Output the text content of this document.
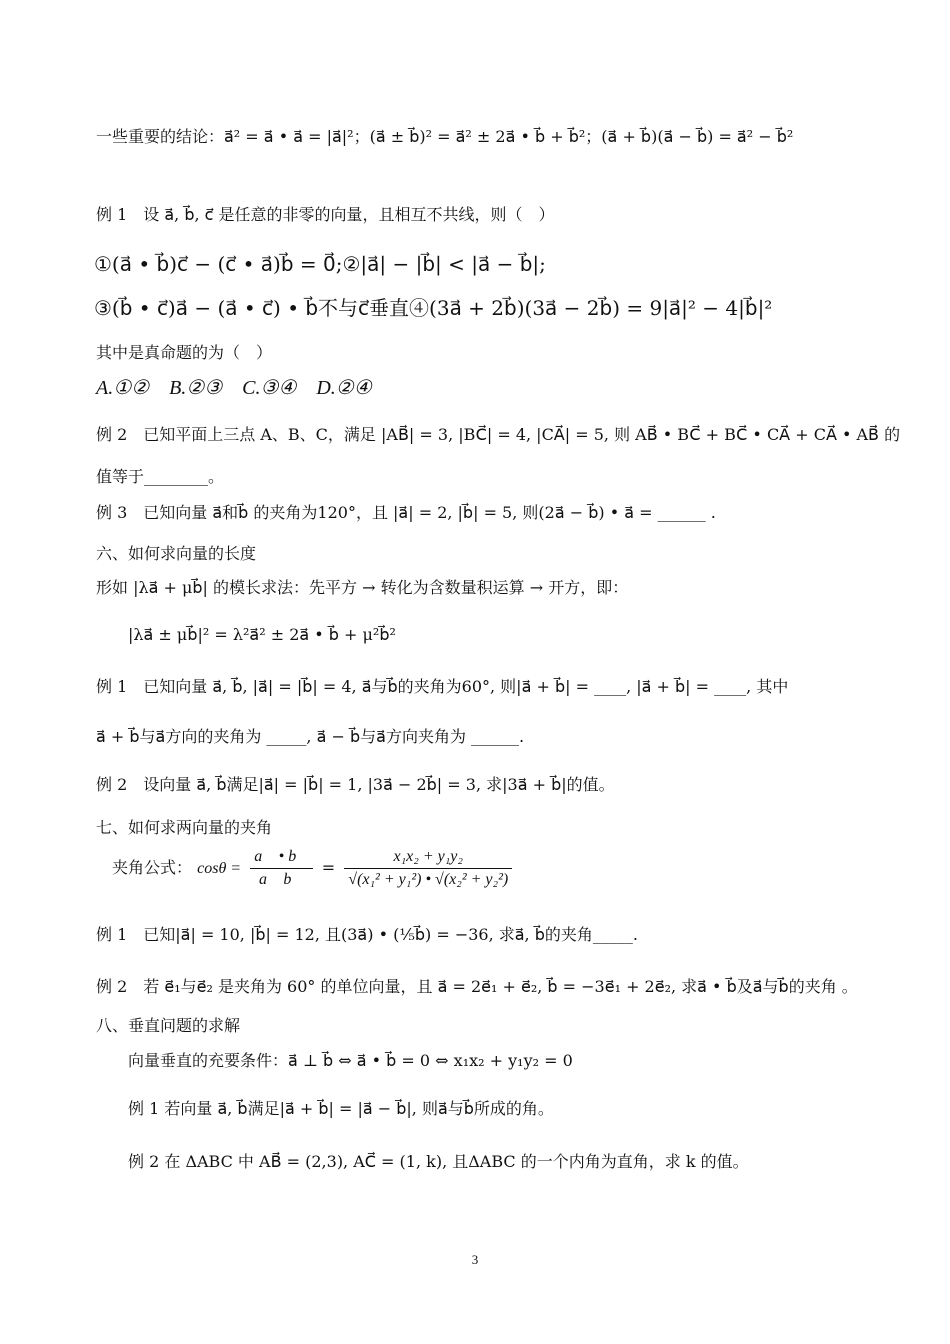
一些重要的结论：a⃗² = a⃗ • a⃗ = |a⃗|²；(a⃗ ± b⃗)² = a⃗² ± 2a⃗ • b⃗ + b⃗²；(a⃗ + b⃗)(a⃗ − b⃗) = a⃗² − b⃗²
例 1　设 a⃗, b⃗, c⃗ 是任意的非零的向量，且相互不共线，则（　）
①(a⃗ • b⃗)c⃗ − (c⃗ • a⃗)b⃗ = 0⃗;②|a⃗| − |b⃗| < |a⃗ − b⃗|;
③(b⃗ • c⃗)a⃗ − (a⃗ • c⃗) • b⃗不与c⃗垂直④(3a⃗ + 2b⃗)(3a⃗ − 2b⃗) = 9|a⃗|² − 4|b⃗|²
其中是真命题的为（　）
A.①②　B.②③　C.③④　D.②④
例 2　已知平面上三点 A、B、C，满足 |AB⃗| = 3, |BC⃗| = 4, |CA⃗| = 5, 则 AB⃗ • BC⃗ + BC⃗ • CA⃗ + CA⃗ • AB⃗ 的
值等于________。
例 3　已知向量 a⃗和b⃗ 的夹角为120°，且 |a⃗| = 2, |b⃗| = 5, 则(2a⃗ − b⃗) • a⃗ = ______ .
六、如何求向量的长度
形如 |λa⃗ + μb⃗| 的模长求法：先平方 → 转化为含数量积运算 → 开方，即：
|λa⃗ ± μb⃗|² = λ²a⃗² ± 2a⃗ • b⃗ + μ²b⃗²
例 1　已知向量 a⃗, b⃗, |a⃗| = |b⃗| = 4, a⃗与b⃗的夹角为60°, 则|a⃗ + b⃗| = ____, |a⃗ + b⃗| = ____, 其中
a⃗ + b⃗与a⃗方向的夹角为 _____, a⃗ − b⃗与a⃗方向夹角为 ______.
例 2　设向量 a⃗, b⃗满足|a⃗| = |b⃗| = 1, |3a⃗ − 2b⃗| = 3, 求|3a⃗ + b⃗|的值。
七、如何求两向量的夹角
夹角公式： $\cos\theta = \frac{a⃗ • b⃗}{a⃗ b⃗} = \frac{\text{x₁x₂ + y₁y₂}}{\text{√(x₁² + y₁²) • √(x₂² + y₂²)}}$
例 1　已知|a⃗| = 10, |b⃗| = 12, 且(3a⃗) • (⅕b⃗) = −36, 求a⃗, b⃗的夹角_____.
例 2　若 e⃗₁与e⃗₂ 是夹角为 60° 的单位向量，且 a⃗ = 2e⃗₁ + e⃗₂, b⃗ = −3e⃗₁ + 2e⃗₂, 求a⃗ • b⃗及a⃗与b⃗的夹角 。
八、垂直问题的求解
向量垂直的充要条件：a⃗ ⊥ b⃗ ⇔ a⃗ • b⃗ = 0 ⇔ x₁x₂ + y₁y₂ = 0
例 1 若向量 a⃗, b⃗满足|a⃗ + b⃗| = |a⃗ − b⃗|, 则a⃗与b⃗所成的角。
例 2 在 ΔABC 中 AB⃗ = (2,3), AC⃗ = (1, k), 且ΔABC 的一个内角为直角，求 k 的值。
3
